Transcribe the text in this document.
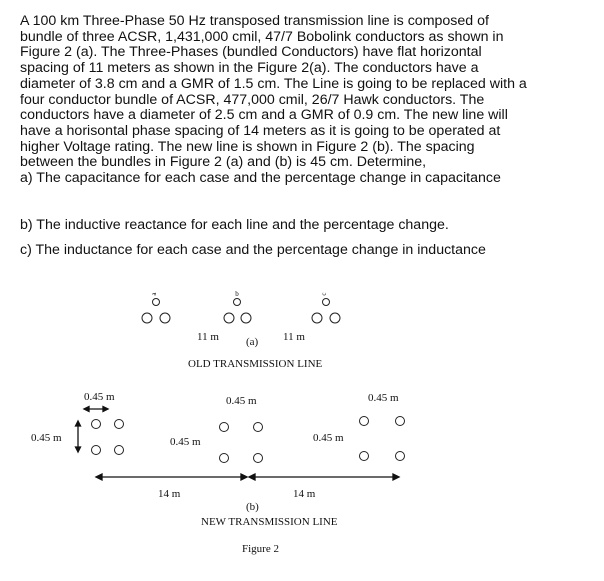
A 100 km Three-Phase 50 Hz transposed transmission line is composed of
bundle of three ACSR, 1,431,000 cmil, 47/7 Bobolink conductors as shown in
Figure 2 (a). The Three-Phases (bundled Conductors) have flat horizontal
spacing of 11 meters as shown in the Figure 2(a). The conductors have a
diameter of 3.8 cm and a GMR of 1.5 cm. The Line is going to be replaced with a
four conductor bundle of ACSR, 477,000 cmil, 26/7 Hawk conductors. The
conductors have a diameter of 2.5 cm and a GMR of 0.9 cm. The new line will
have a horisontal phase spacing of 14 meters as it is going to be operated at
higher Voltage rating. The new line is shown in Figure 2 (b). The spacing
between the bundles in Figure 2 (a) and (b) is 45 cm. Determine,
a) The capacitance for each case and the percentage change in capacitance
b) The inductive reactance for each line and the percentage change.
c) The inductance for each case and the percentage change in inductance
a	b	c
11 m (a) 11 m
OLD TRANSMISSION LINE
0.45 m	0.45 m	0.45 m
0.45 m	0.45 m	0.45 m
14 m	14 m
(b)
NEW TRANSMISSION LINE
Figure 2
